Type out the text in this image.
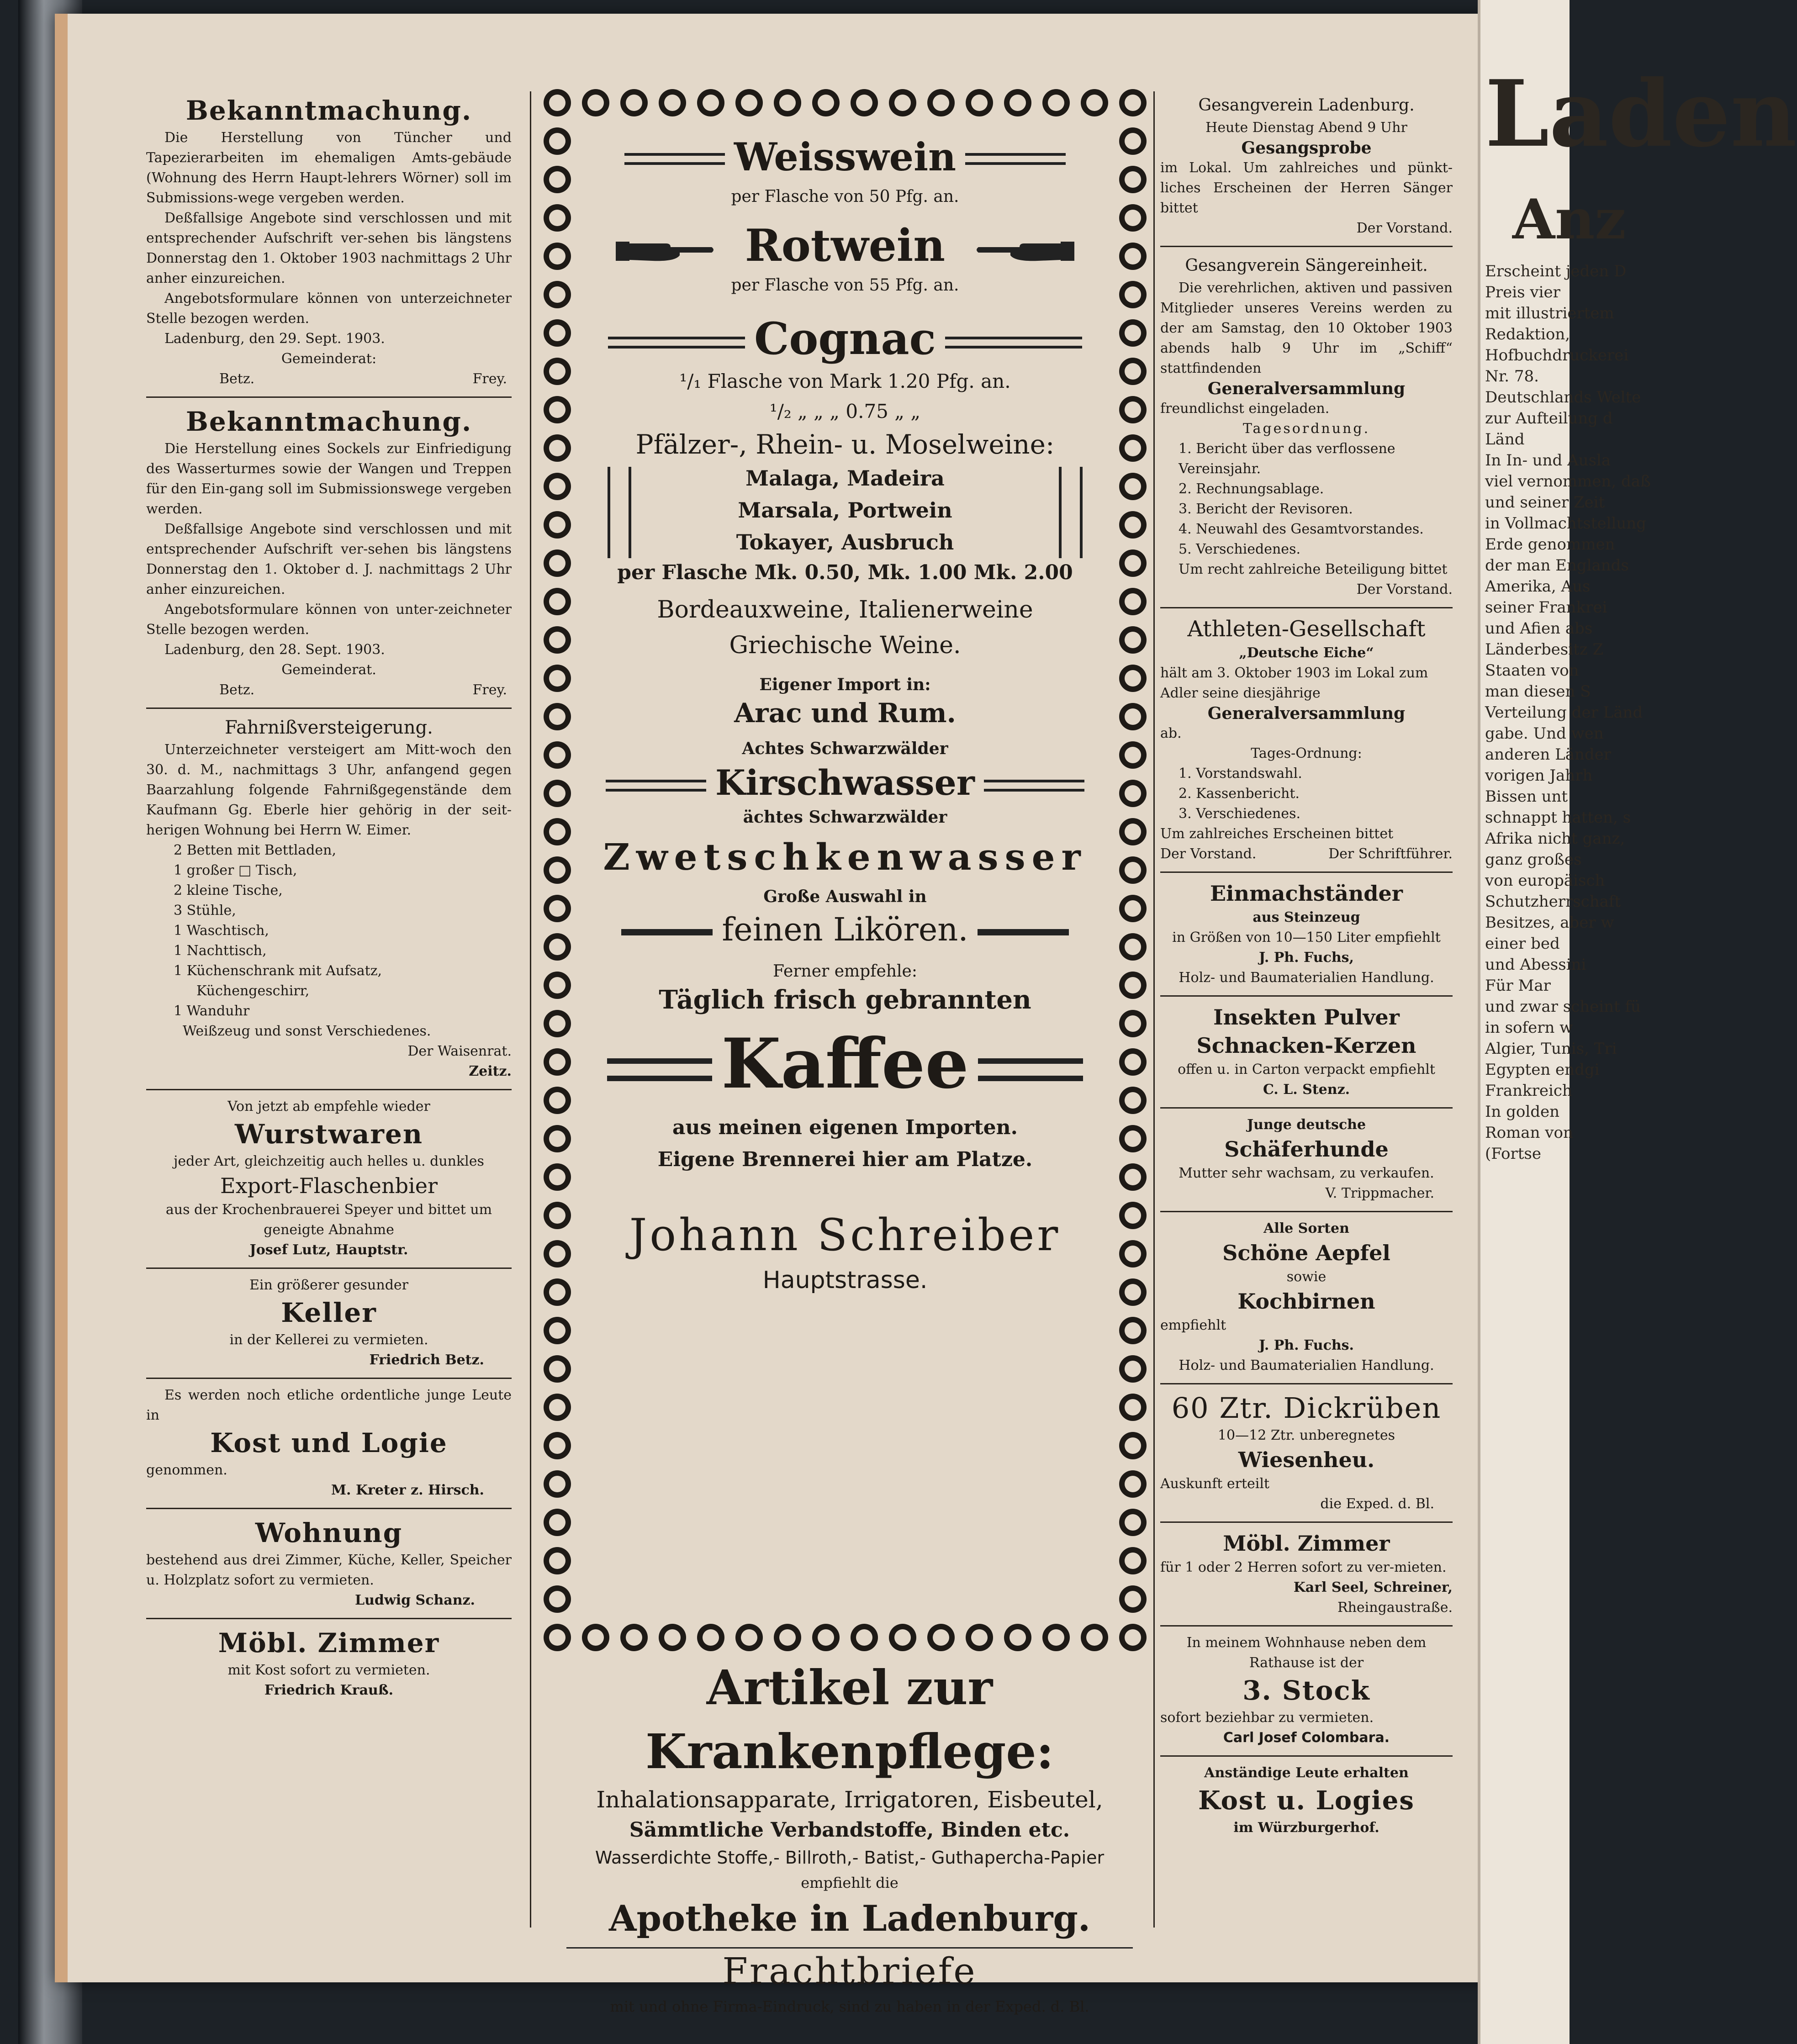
Bekanntmachung.
Die Herstellung von Tüncher und Tapezierarbeiten im ehemaligen Amts-gebäude (Wohnung des Herrn Haupt-lehrers Wörner) soll im Submissions-wege vergeben werden.
Deßfallsige Angebote sind verschlossen und mit entsprechender Aufschrift ver-sehen bis längstens Donnerstag den 1. Oktober 1903 nachmittags 2 Uhr anher einzureichen.
Angebotsformulare können von unterzeichneter Stelle bezogen werden.
Ladenburg, den 29. Sept. 1903.
Gemeinderat:
Betz.	Frey.
Bekanntmachung.
Die Herstellung eines Sockels zur Einfriedigung des Wasserturmes sowie der Wangen und Treppen für den Ein-gang soll im Submissionswege vergeben werden.
Deßfallsige Angebote sind verschlossen und mit entsprechender Aufschrift ver-sehen bis längstens Donnerstag den 1. Oktober d. J. nachmittags 2 Uhr anher einzureichen.
Angebotsformulare können von unter-zeichneter Stelle bezogen werden.
Ladenburg, den 28. Sept. 1903.
Gemeinderat.
Betz.	Frey.
Fahrnißversteigerung.
Unterzeichneter versteigert am Mitt-woch den 30. d. M., nachmittags 3 Uhr, anfangend gegen Baarzahlung folgende Fahrnißgegenstände dem Kaufmann Gg. Eberle hier gehörig in der seit-herigen Wohnung bei Herrn W. Eimer.
2 Betten mit Bettladen,
1 großer □ Tisch,
2 kleine Tische,
3 Stühle,
1 Waschtisch,
1 Nachttisch,
1 Küchenschrank mit Aufsatz,
Küchengeschirr,
1 Wanduhr
Weißzeug und sonst Verschiedenes.
Der Waisenrat.
Zeitz.
Von jetzt ab empfehle wieder
Wurstwaren
jeder Art, gleichzeitig auch helles u. dunkles
Export-Flaschenbier
aus der Krochenbrauerei Speyer und bittet um geneigte Abnahme
Josef Lutz, Hauptstr.
Ein größerer gesunder
Keller
in der Kellerei zu vermieten.
Friedrich Betz.
Es werden noch etliche ordentliche junge Leute in
Kost und Logie
genommen.
M. Kreter z. Hirsch.
Wohnung
bestehend aus drei Zimmer, Küche, Keller, Speicher u. Holzplatz sofort zu vermieten.
Ludwig Schanz.
Möbl. Zimmer
mit Kost sofort zu vermieten.
Friedrich Krauß.
Weisswein
per Flasche von 50 Pfg. an.
Rotwein
per Flasche von 55 Pfg. an.
Cognac
¹/₁ Flasche von Mark 1.20 Pfg. an.
¹/₂ „ „ „ 0.75 „ „
Pfälzer-, Rhein- u. Moselweine:
Malaga, Madeira
Marsala, Portwein
Tokayer, Ausbruch
per Flasche Mk. 0.50, Mk. 1.00 Mk. 2.00
Bordeauxweine, Italienerweine
Griechische Weine.
Eigener Import in:
Arac und Rum.
Achtes Schwarzwälder
Kirschwasser
ächtes Schwarzwälder
Zwetschkenwasser
Große Auswahl in
feinen Likören.
Ferner empfehle:
Täglich frisch gebrannten
Kaffee
aus meinen eigenen Importen.
Eigene Brennerei hier am Platze.
Johann Schreiber
Hauptstrasse.
Artikel zur Krankenpflege:
Inhalationsapparate, Irrigatoren, Eisbeutel,
Sämmtliche Verbandstoffe, Binden etc.
Wasserdichte Stoffe,- Billroth,- Batist,- Guthapercha-Papier
empfiehlt die
Apotheke in Ladenburg.
Frachtbriefe
mit und ohne Firma-Eindruck, sind zu haben in der Exped. d. Bl.
Gesangverein Ladenburg.
Heute Dienstag Abend 9 Uhr
Gesangsprobe
im Lokal. Um zahlreiches und pünkt-liches Erscheinen der Herren Sänger bittet
Der Vorstand.
Gesangverein Sängereinheit.
Die verehrlichen, aktiven und passiven Mitglieder unseres Vereins werden zu der am Samstag, den 10 Oktober 1903 abends halb 9 Uhr im „Schiff“ stattfindenden
Generalversammlung
freundlichst eingeladen.
Tagesordnung.
1. Bericht über das verflossene Vereinsjahr.
2. Rechnungsablage.
3. Bericht der Revisoren.
4. Neuwahl des Gesamtvorstandes.
5. Verschiedenes.
Um recht zahlreiche Beteiligung bittet
Der Vorstand.
Athleten-Gesellschaft
„Deutsche Eiche“
hält am 3. Oktober 1903 im Lokal zum Adler seine diesjährige
Generalversammlung
ab.
Tages-Ordnung:
1. Vorstandswahl.
2. Kassenbericht.
3. Verschiedenes.
Um zahlreiches Erscheinen bittet
Der Vorstand.	Der Schriftführer.
Einmachständer
aus Steinzeug
in Größen von 10—150 Liter empfiehlt
J. Ph. Fuchs,
Holz- und Baumaterialien Handlung.
Insekten Pulver
Schnacken-Kerzen
offen u. in Carton verpackt empfiehlt
C. L. Stenz.
Junge deutsche
Schäferhunde
Mutter sehr wachsam, zu verkaufen.
V. Trippmacher.
Alle Sorten
Schöne Aepfel
sowie
Kochbirnen
empfiehlt
J. Ph. Fuchs.
Holz- und Baumaterialien Handlung.
60 Ztr. Dickrüben
10—12 Ztr. unberegnetes
Wiesenheu.
Auskunft erteilt
die Exped. d. Bl.
Möbl. Zimmer
für 1 oder 2 Herren sofort zu ver-mieten.
Karl Seel, Schreiner,
Rheingaustraße.
In meinem Wohnhause neben dem Rathause ist der
3. Stock
sofort beziehbar zu vermieten.
Carl Josef Colombara.
Anständige Leute erhalten
Kost u. Logies
im Würzburgerhof.
Laden
Anz
Erscheint jeden D
Preis vier
mit illustriertem
Redaktion,
Hofbuchdruckerei
Nr. 78.
Deutschlands Welte
zur Aufteilung d
Länd
In In- und Ausla
viel vernommen, daß
und seiner Zeit
in Vollmachtstellung
Erde genommen
der man Englands
Amerika, Aus
seiner Frankrei
und Afien abs
Länderbesitz Z
Staaten von
man diesen S
Verteilung der Länd
gabe. Und wen
anderen Länder
vorigen Jahrh
Bissen unt
schnappt hatten, s
Afrika nicht ganz,
ganz großes
von europäisch
Schutzherrschaft
Besitzes, aber w
einer bed
und Abessini
Für Mar
und zwar scheint fü
in sofern w
Algier, Tunis, Tri
Egypten endgi
Frankreich
In golden
Roman von
(Fortse
